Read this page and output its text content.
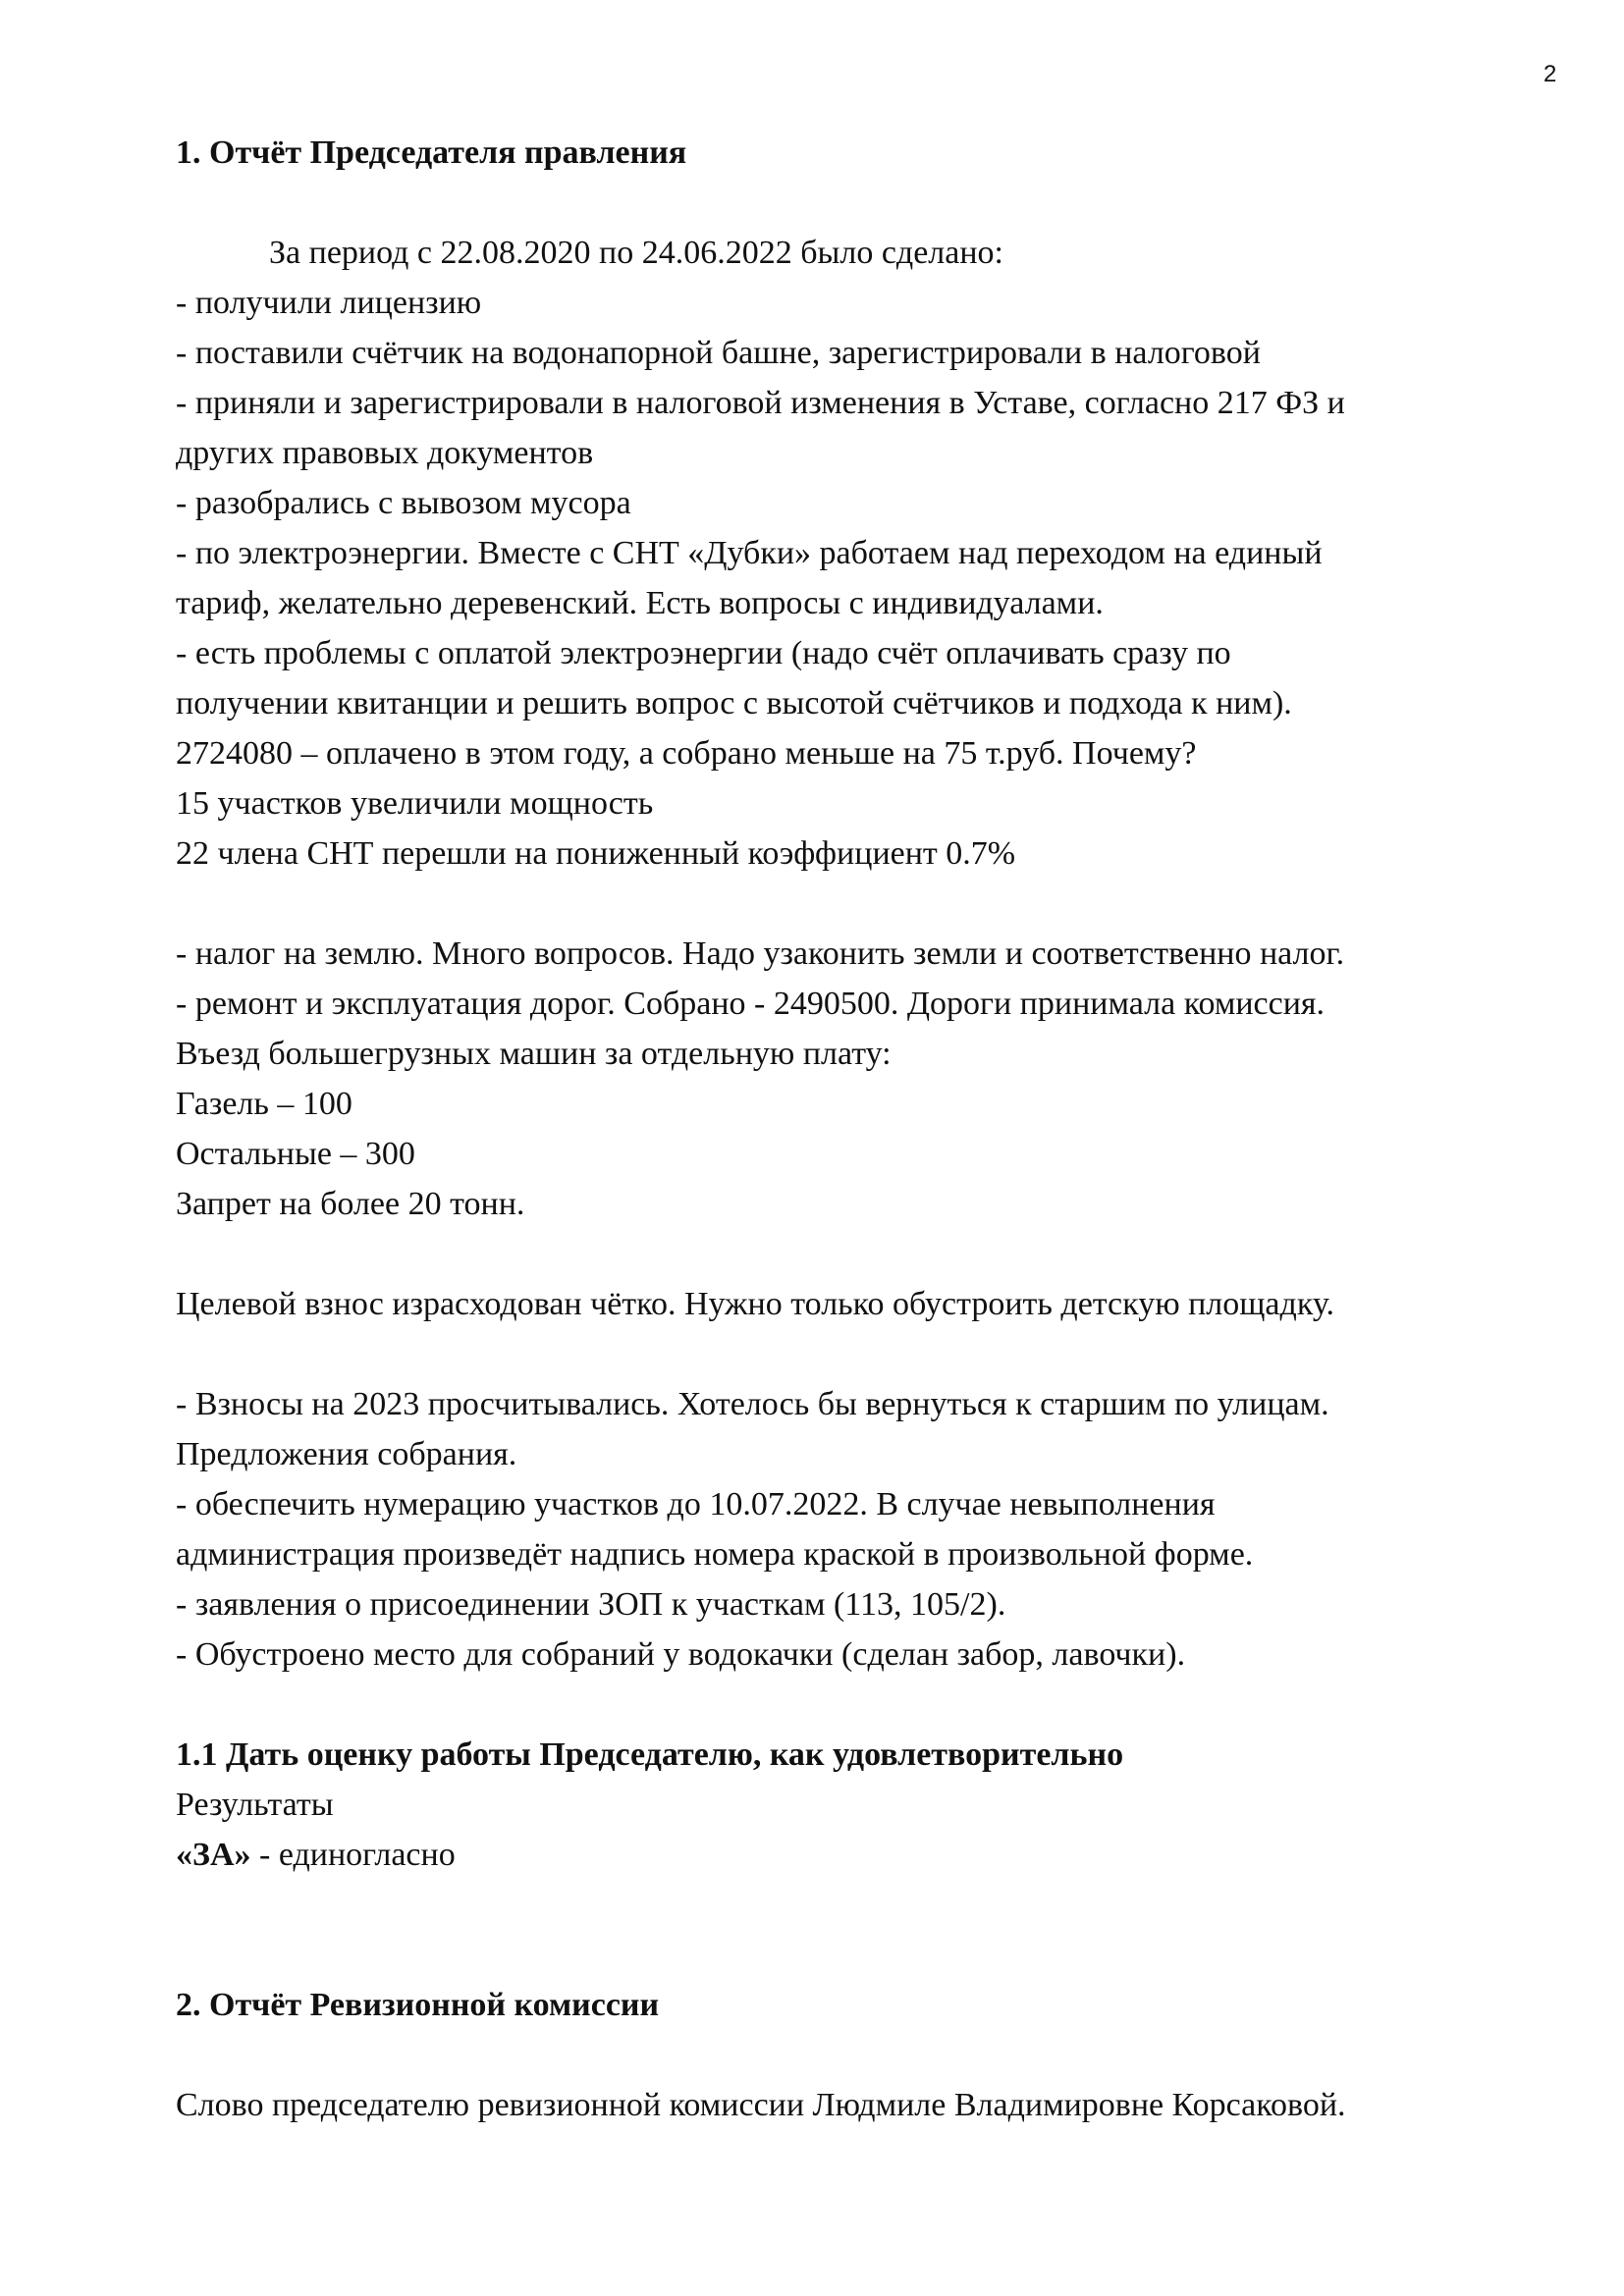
2

1. Отчёт Председателя правления

За период с 22.08.2020 по 24.06.2022 было сделано:

- получили лицензию

- поставили счётчик на водонапорной башне, зарегистрировали в налоговой

- приняли и зарегистрировали в налоговой изменения в Уставе, согласно 217 ФЗ и

других правовых документов

- разобрались с вывозом мусора

- по электроэнергии. Вместе с СНТ «Дубки» работаем над переходом на единый

тариф, желательно деревенский. Есть вопросы с индивидуалами.

- есть проблемы с оплатой электроэнергии (надо счёт оплачивать сразу по

получении квитанции и решить вопрос с высотой счётчиков и подхода к ним).

2724080 – оплачено в этом году, а собрано меньше на 75 т.руб. Почему?

15 участков увеличили мощность

22 члена СНТ перешли на пониженный коэффициент 0.7%

- налог на землю. Много вопросов. Надо узаконить земли и соответственно налог.

- ремонт и эксплуатация дорог. Собрано - 2490500. Дороги принимала комиссия.

Въезд большегрузных машин за отдельную плату:

Газель – 100

Остальные – 300

Запрет на более 20 тонн.

Целевой взнос израсходован чётко. Нужно только обустроить детскую площадку.

- Взносы на 2023 просчитывались. Хотелось бы вернуться к старшим по улицам.

Предложения собрания.

- обеспечить нумерацию участков до 10.07.2022. В случае невыполнения

администрация произведёт надпись номера краской в произвольной форме.

- заявления о присоединении ЗОП к участкам (113, 105/2).

- Обустроено место для собраний у водокачки (сделан забор, лавочки).

1.1 Дать оценку работы Председателю, как удовлетворительно

Результаты

«ЗА» - единогласно

2. Отчёт Ревизионной комиссии

Слово председателю ревизионной комиссии Людмиле Владимировне Корсаковой.
